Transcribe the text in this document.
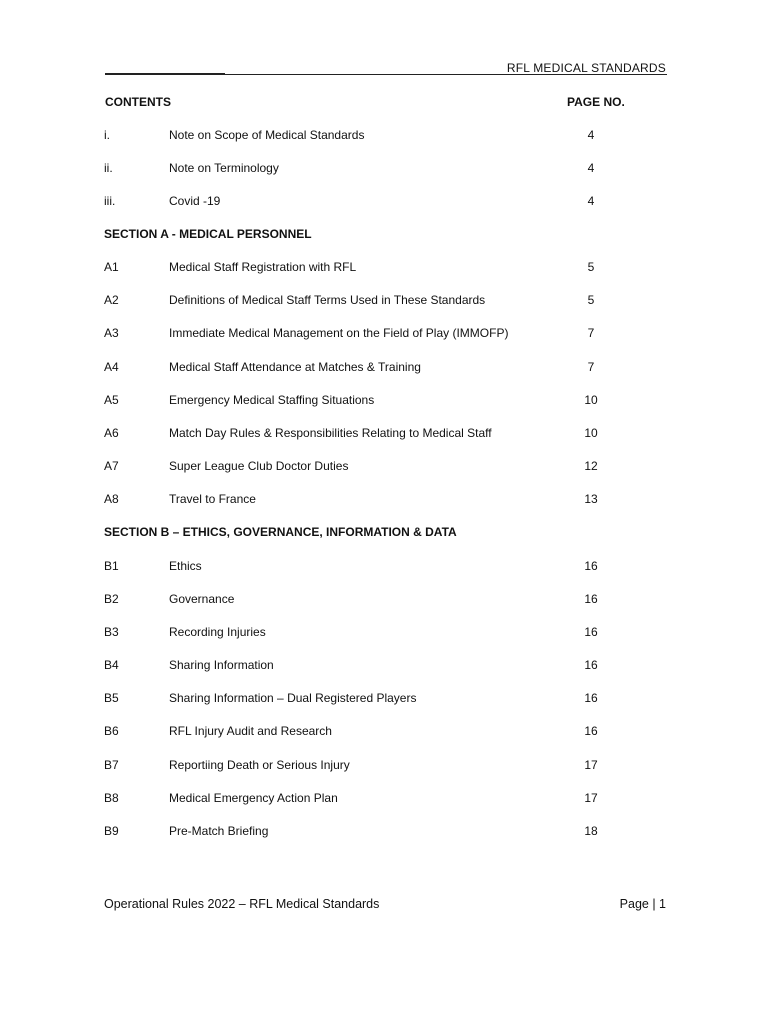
RFL MEDICAL STANDARDS
CONTENTS	PAGE NO.
i.	Note on Scope of Medical Standards	4
ii.	Note on Terminology	4
iii.	Covid -19	4
SECTION A - MEDICAL PERSONNEL
A1	Medical Staff Registration with RFL	5
A2	Definitions of Medical Staff Terms Used in These Standards	5
A3	Immediate Medical Management on the Field of Play (IMMOFP)	7
A4	Medical Staff Attendance at Matches & Training	7
A5	Emergency Medical Staffing Situations	10
A6	Match Day Rules & Responsibilities Relating to Medical Staff	10
A7	Super League Club Doctor Duties	12
A8	Travel to France	13
SECTION B – ETHICS, GOVERNANCE, INFORMATION & DATA
B1	Ethics	16
B2	Governance	16
B3	Recording Injuries	16
B4	Sharing Information	16
B5	Sharing Information – Dual Registered Players	16
B6	RFL Injury Audit and Research	16
B7	Reportiing Death or Serious Injury	17
B8	Medical Emergency Action Plan	17
B9	Pre-Match Briefing	18
Operational Rules 2022 – RFL Medical Standards	Page | 1
